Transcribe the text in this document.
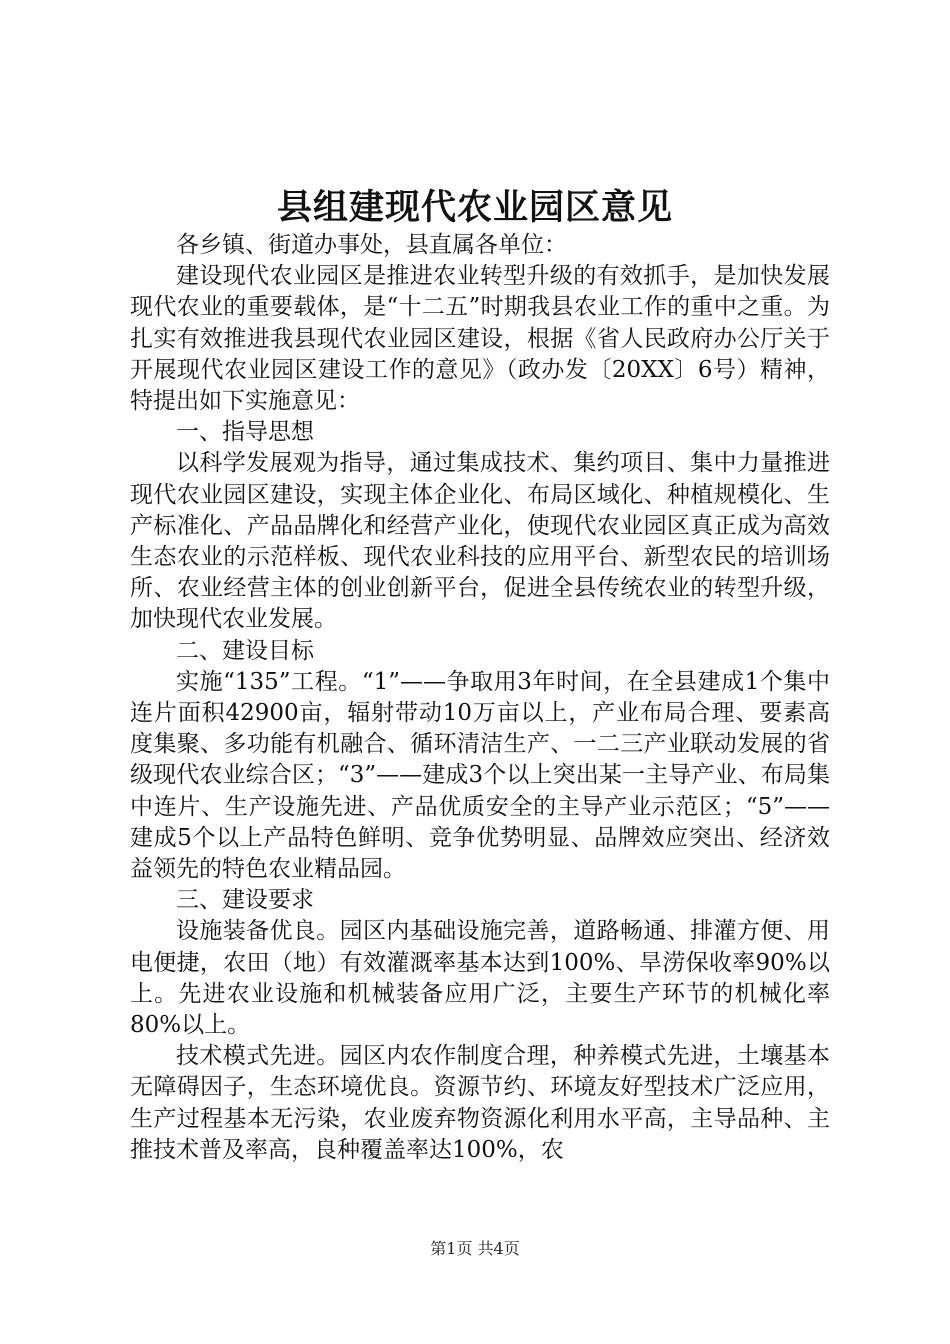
县组建现代农业园区意见

各乡镇、街道办事处，县直属各单位：

建设现代农业园区是推进农业转型升级的有效抓手，是加快发展现代农业的重要载体，是“十二五”时期我县农业工作的重中之重。为扎实有效推进我县现代农业园区建设，根据《省人民政府办公厅关于开展现代农业园区建设工作的意见》（政办发〔20XX〕6号）精神，特提出如下实施意见：

一、指导思想

以科学发展观为指导，通过集成技术、集约项目、集中力量推进现代农业园区建设，实现主体企业化、布局区域化、种植规模化、生产标准化、产品品牌化和经营产业化，使现代农业园区真正成为高效生态农业的示范样板、现代农业科技的应用平台、新型农民的培训场所、农业经营主体的创业创新平台，促进全县传统农业的转型升级，加快现代农业发展。

二、建设目标

实施“135”工程。“1”——争取用3年时间，在全县建成1个集中连片面积42900亩，辐射带动10万亩以上，产业布局合理、要素高度集聚、多功能有机融合、循环清洁生产、一二三产业联动发展的省级现代农业综合区；“3”——建成3个以上突出某一主导产业、布局集中连片、生产设施先进、产品优质安全的主导产业示范区；“5”——建成5个以上产品特色鲜明、竞争优势明显、品牌效应突出、经济效益领先的特色农业精品园。

三、建设要求

设施装备优良。园区内基础设施完善，道路畅通、排灌方便、用电便捷，农田（地）有效灌溉率基本达到100%、旱涝保收率90%以上。先进农业设施和机械装备应用广泛，主要生产环节的机械化率80%以上。

技术模式先进。园区内农作制度合理，种养模式先进，土壤基本无障碍因子，生态环境优良。资源节约、环境友好型技术广泛应用，生产过程基本无污染，农业废弃物资源化利用水平高，主导品种、主推技术普及率高，良种覆盖率达100%，农

第1页 共4页
